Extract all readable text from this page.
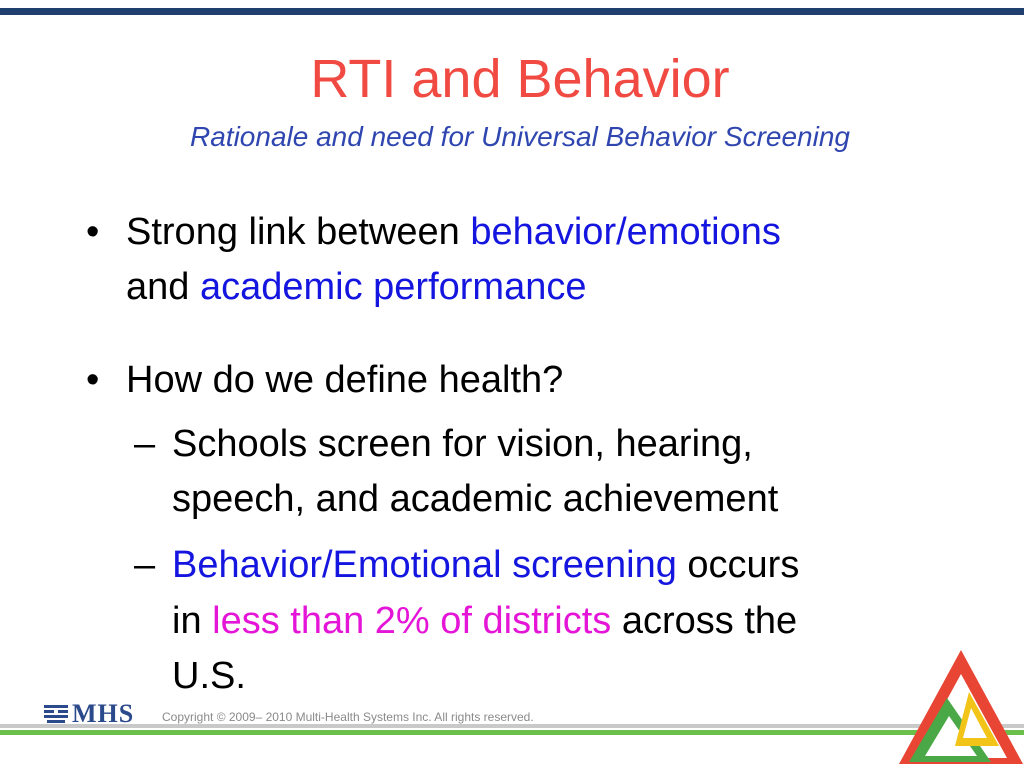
RTI and Behavior
Rationale and need for Universal Behavior Screening
• Strong link between behavior/emotions
and academic performance
• How do we define health?
– Schools screen for vision, hearing,
speech, and academic achievement
– Behavior/Emotional screening occurs
in less than 2% of districts across the
U.S.
MHS Copyright © 2009– 2010 Multi-Health Systems Inc. All rights reserved.
